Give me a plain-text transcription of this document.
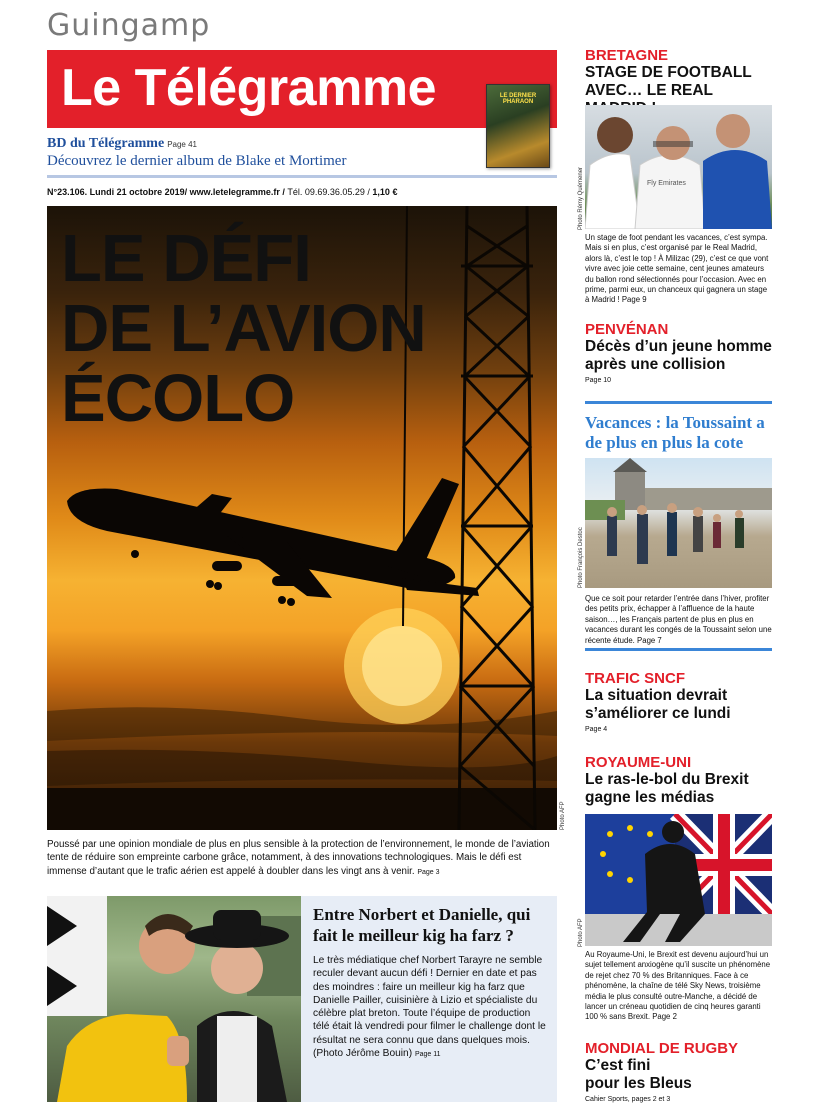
Guingamp
Le Télégramme	LE DERNIER PHARAON
BD du Télégramme Page 41
Découvrez le dernier album de Blake et Mortimer
N°23.106. Lundi 21 octobre 2019/ www.letelegramme.fr / Tél. 09.69.36.05.29 / 1,10 €
LE DÉFI
DE L’AVION
ÉCOLO
Photo AFP
Poussé par une opinion mondiale de plus en plus sensible à la protection de l’environnement, le monde de l’aviation tente de réduire son empreinte carbone grâce, notamment, à des innovations technologiques. Mais le défi est immense d’autant que le trafic aérien est appelé à doubler dans les vingt ans à venir. Page 3
Entre Norbert et Danielle, qui fait le meilleur kig ha farz ?
Le très médiatique chef Norbert Tarayre ne semble reculer devant aucun défi ! Dernier en date et pas des moindres : faire un meilleur kig ha farz que Danielle Pailler, cuisinière à Lizio et spécialiste du célèbre plat breton. Toute l’équipe de production télé était là vendredi pour filmer le challenge dont le résultat ne sera connu que dans quelques mois. (Photo Jérôme Bouin) Page 11
BRETAGNE
STAGE DE FOOTBALL
AVEC… LE REAL
Fly Emirates
Photo Rémy Quémener
Un stage de foot pendant les vacances, c’est sympa. Mais si en plus, c’est organisé par le Real Madrid, alors là, c’est le top ! À Milizac (29), c’est ce que vont vivre avec joie cette semaine, cent jeunes amateurs du ballon rond sélectionnés pour l’occasion. Avec en prime, parmi eux, un chanceux qui gagnera un stage à Madrid ! Page 9
PENVÉNAN
Décès d’un jeune homme après une collision
Page 10
Vacances : la Toussaint a de plus en plus la cote
Photo François Destoc
Que ce soit pour retarder l’entrée dans l’hiver, profiter des petits prix, échapper à l’affluence de la haute saison…, les Français partent de plus en plus en vacances durant les congés de la Toussaint selon une récente étude. Page 7
TRAFIC SNCF
La situation devrait s’améliorer ce lundi
Page 4
ROYAUME-UNI
Le ras-le-bol du Brexit gagne les médias
Photo AFP
Au Royaume-Uni, le Brexit est devenu aujourd’hui un sujet tellement anxiogène qu’il suscite un phénomène de rejet chez 70 % des Britanniques. Face à ce phénomène, la chaîne de télé Sky News, troisième média le plus consulté outre-Manche, a décidé de lancer un créneau quotidien de cinq heures garanti 100 % sans Brexit. Page 2
MONDIAL DE RUGBY
C’est fini
pour les Bleus
Cahier Sports, pages 2 et 3
